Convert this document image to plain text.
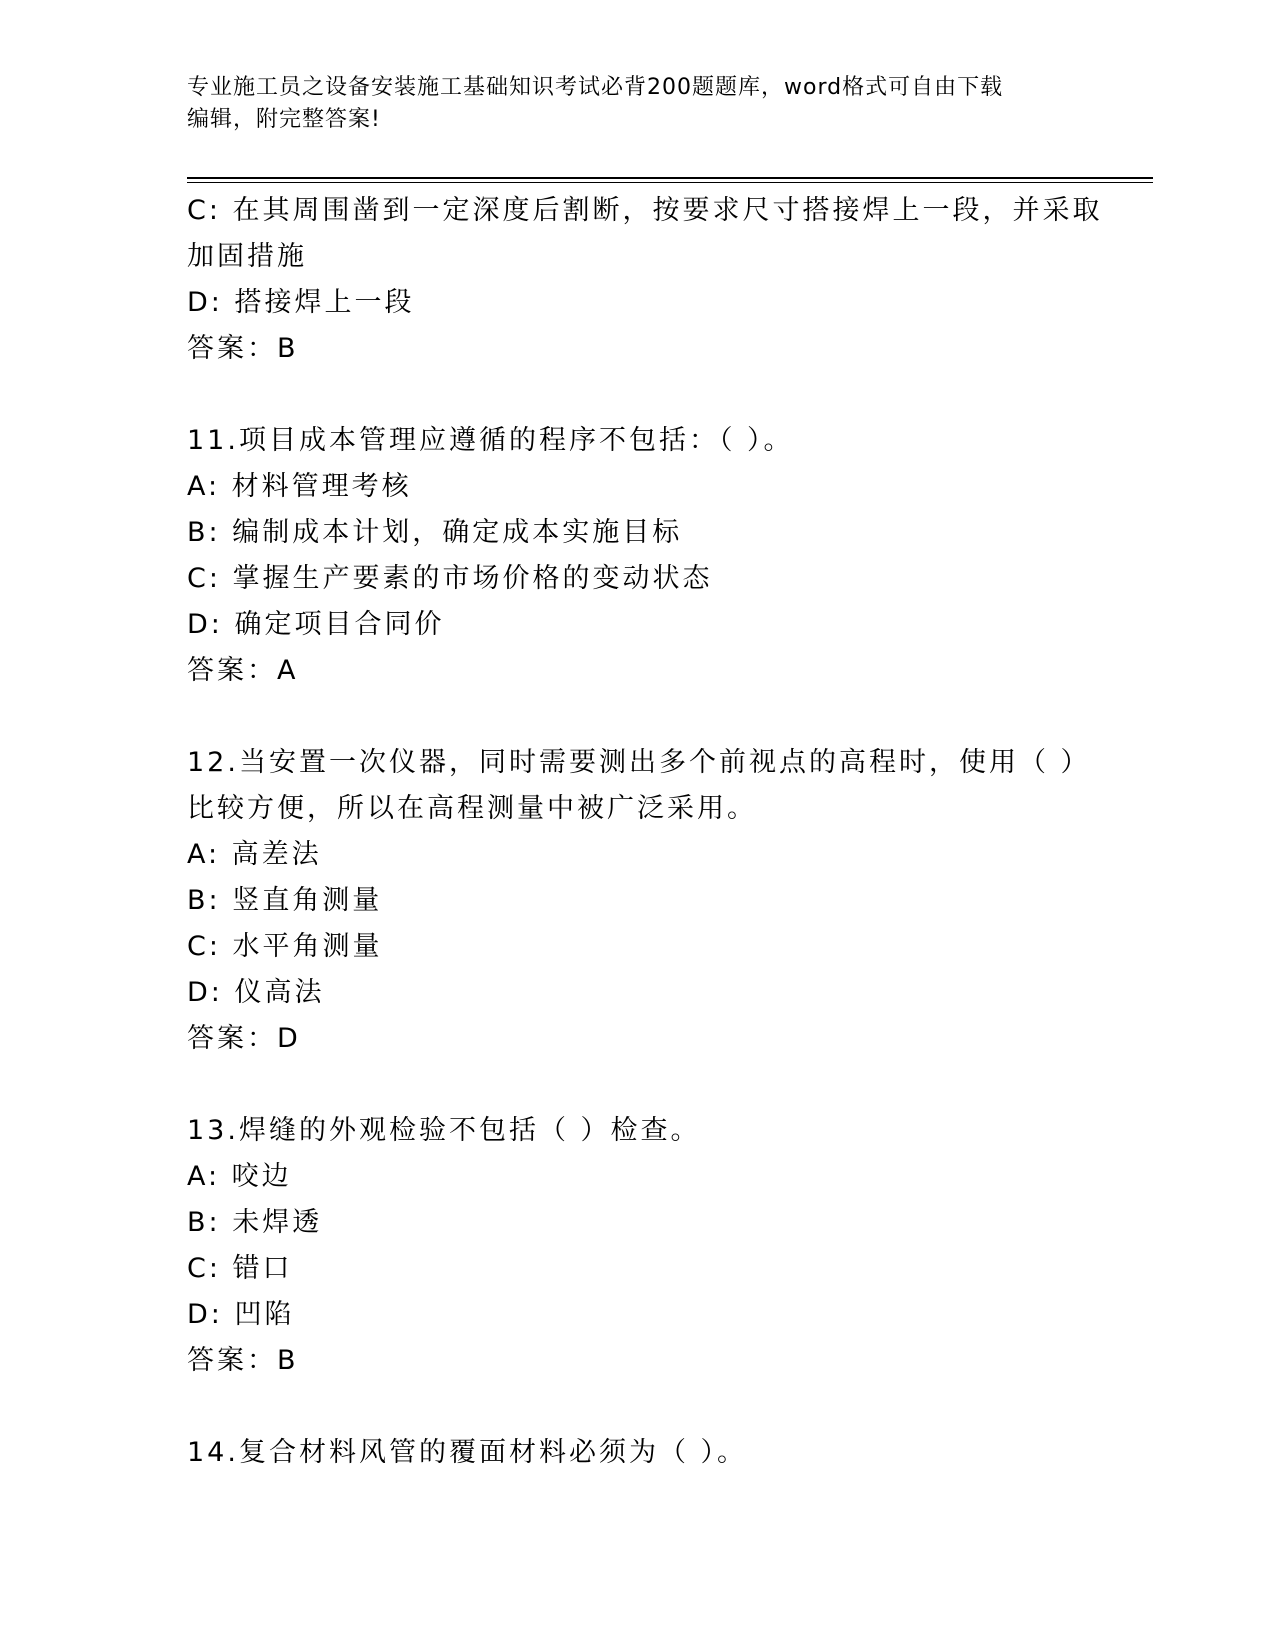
专业施工员之设备安装施工基础知识考试必背200题题库，word格式可自由下载
编辑，附完整答案!
C: 在其周围凿到一定深度后割断，按要求尺寸搭接焊上一段，并采取
加固措施
D: 搭接焊上一段
答案：B
11.项目成本管理应遵循的程序不包括：（ ）。
A: 材料管理考核
B: 编制成本计划，确定成本实施目标
C: 掌握生产要素的市场价格的变动状态
D: 确定项目合同价
答案：A
12.当安置一次仪器，同时需要测出多个前视点的高程时，使用（ ）
比较方便，所以在高程测量中被广泛采用。
A: 高差法
B: 竖直角测量
C: 水平角测量
D: 仪高法
答案：D
13.焊缝的外观检验不包括（ ）检查。
A: 咬边
B: 未焊透
C: 错口
D: 凹陷
答案：B
14.复合材料风管的覆面材料必须为（ ）。
